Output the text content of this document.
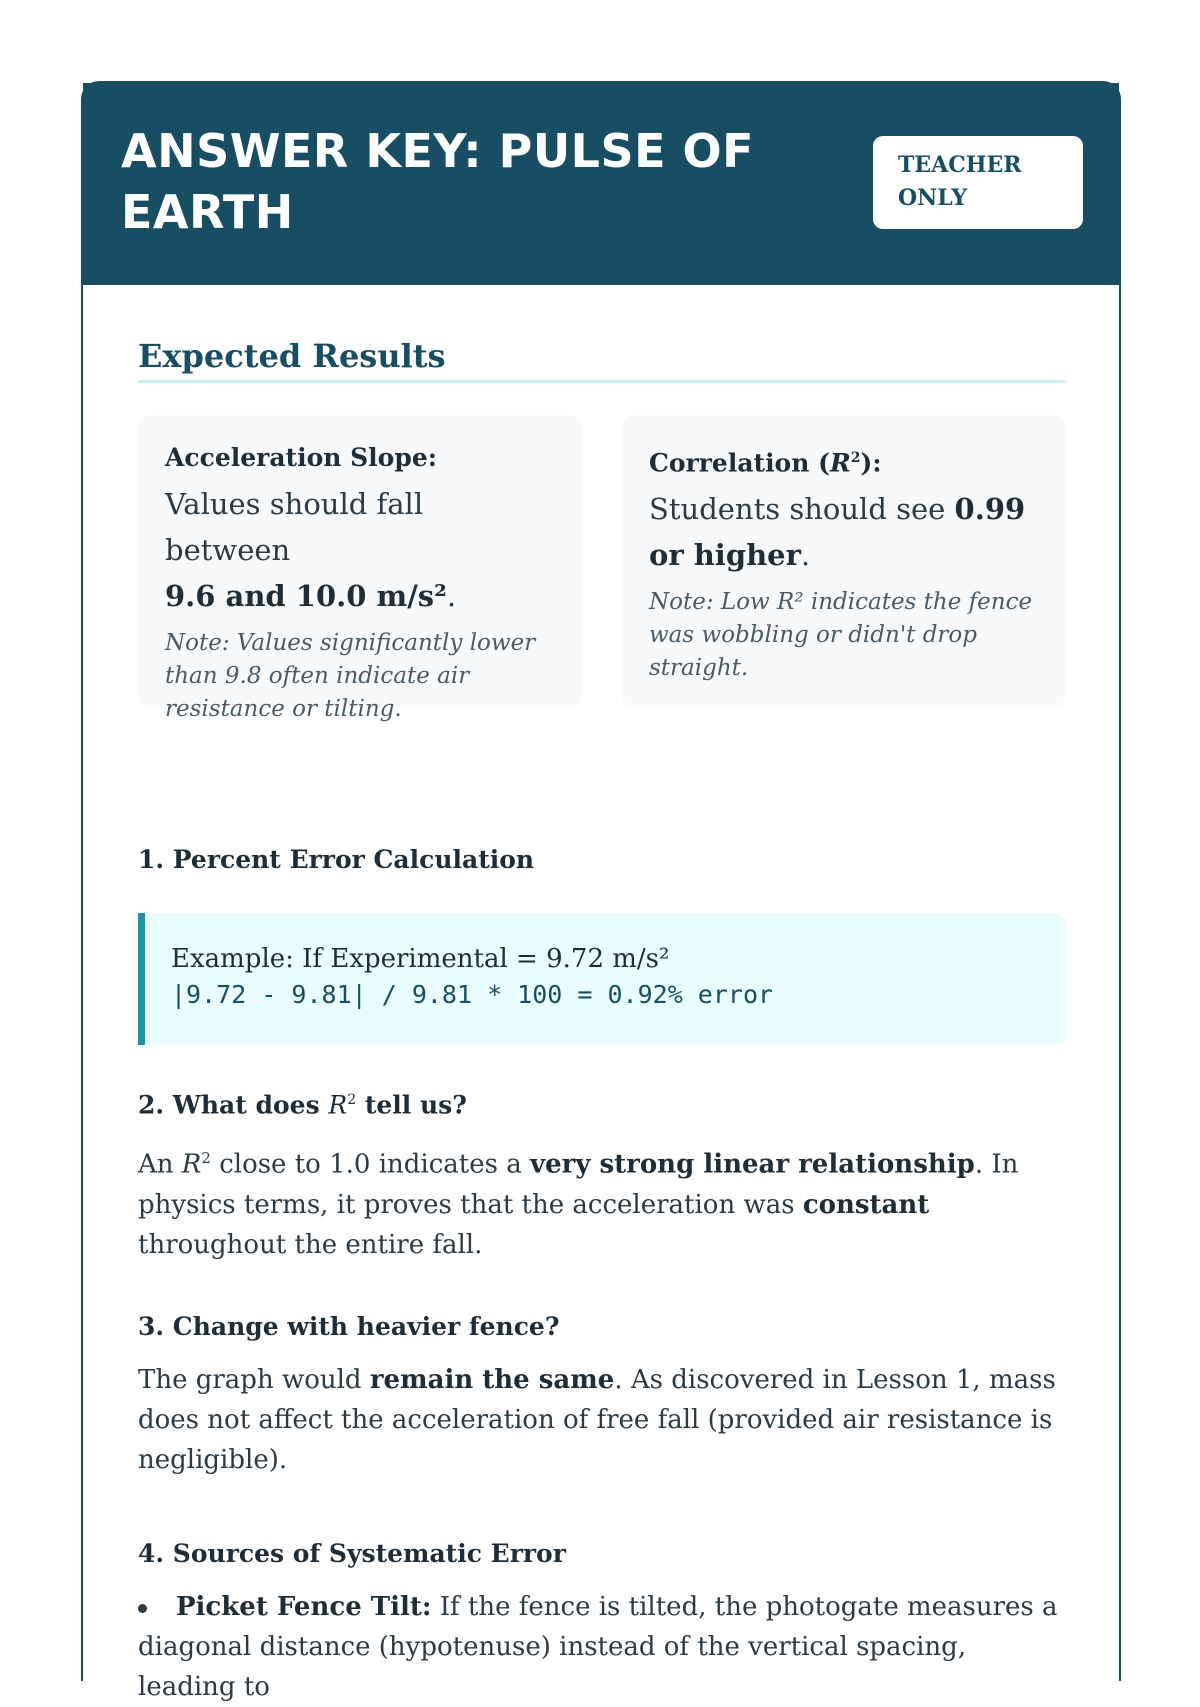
ANSWER KEY: PULSE OF EARTH
TEACHER ONLY
Expected Results

Acceleration Slope:

Values should fall between
9.6 and 10.0 m/s².

Note: Values significantly lower than 9.8 often indicate air resistance or tilting.

Correlation $(R^2)$:

Students should see 0.99 or higher.

Note: Low R² indicates the fence was wobbling or didn't drop straight.

1. Percent Error Calculation

Example: If Experimental = 9.72 m/s²

|9.72 - 9.81| / 9.81 * 100 = 0.92% error

2. What does $R^2$ tell us?

An $R^2$ close to 1.0 indicates a very strong linear relationship. In physics terms, it proves that the acceleration was constant throughout the entire fall.

3. Change with heavier fence?

The graph would remain the same. As discovered in Lesson 1, mass does not affect the acceleration of free fall (provided air resistance is negligible).

4. Sources of Systematic Error

Picket Fence Tilt: If the fence is tilted, the photogate measures a diagonal distance (hypotenuse) instead of the vertical spacing, leading to
